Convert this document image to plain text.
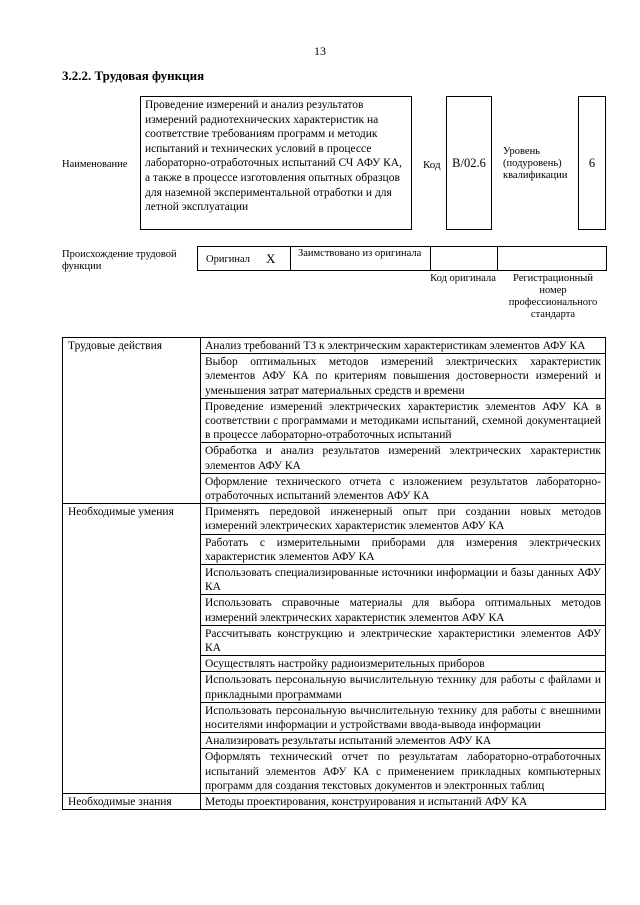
13
3.2.2. Трудовая функция
Наименование
Проведение измерений и анализ результатов измерений радиотехнических характеристик на соответствие требованиям программ и методик испытаний и технических условий в процессе лабораторно-отработочных испытаний СЧ АФУ КА, а также в процессе изготовления опытных образцов для наземной экспериментальной отработки и для летной эксплуатации
Код B/02.6
Уровень (подуровень) квалификации
6
Происхождение трудовой функции
Оригинал X Заимствовано из оригинала
Код оригинала	Регистрационный номер профессионального стандарта
Трудовые действия	Анализ требований ТЗ к электрическим характеристикам элементов АФУ КА
	Выбор оптимальных методов измерений электрических характеристик элементов АФУ КА по критериям повышения достоверности измерений и уменьшения затрат материальных средств и времени
	Проведение измерений электрических характеристик элементов АФУ КА в соответствии с программами и методиками испытаний, схемной документацией в процессе лабораторно-отработочных испытаний
	Обработка и анализ результатов измерений электрических характеристик элементов АФУ КА
	Оформление технического отчета с изложением результатов лабораторно-отработочных испытаний элементов АФУ КА
Необходимые умения	Применять передовой инженерный опыт при создании новых методов измерений электрических характеристик элементов АФУ КА
	Работать с измерительными приборами для измерения электрических характеристик элементов АФУ КА
	Использовать специализированные источники информации и базы данных АФУ КА
	Использовать справочные материалы для выбора оптимальных методов измерений электрических характеристик элементов АФУ КА
	Рассчитывать конструкцию и электрические характеристики элементов АФУ КА
	Осуществлять настройку радиоизмерительных приборов
	Использовать персональную вычислительную технику для работы с файлами и прикладными программами
	Использовать персональную вычислительную технику для работы с внешними носителями информации и устройствами ввода-вывода информации
	Анализировать результаты испытаний элементов АФУ КА
	Оформлять технический отчет по результатам лабораторно-отработочных испытаний элементов АФУ КА с применением прикладных компьютерных программ для создания текстовых документов и электронных таблиц
Необходимые знания	Методы проектирования, конструирования и испытаний АФУ КА
